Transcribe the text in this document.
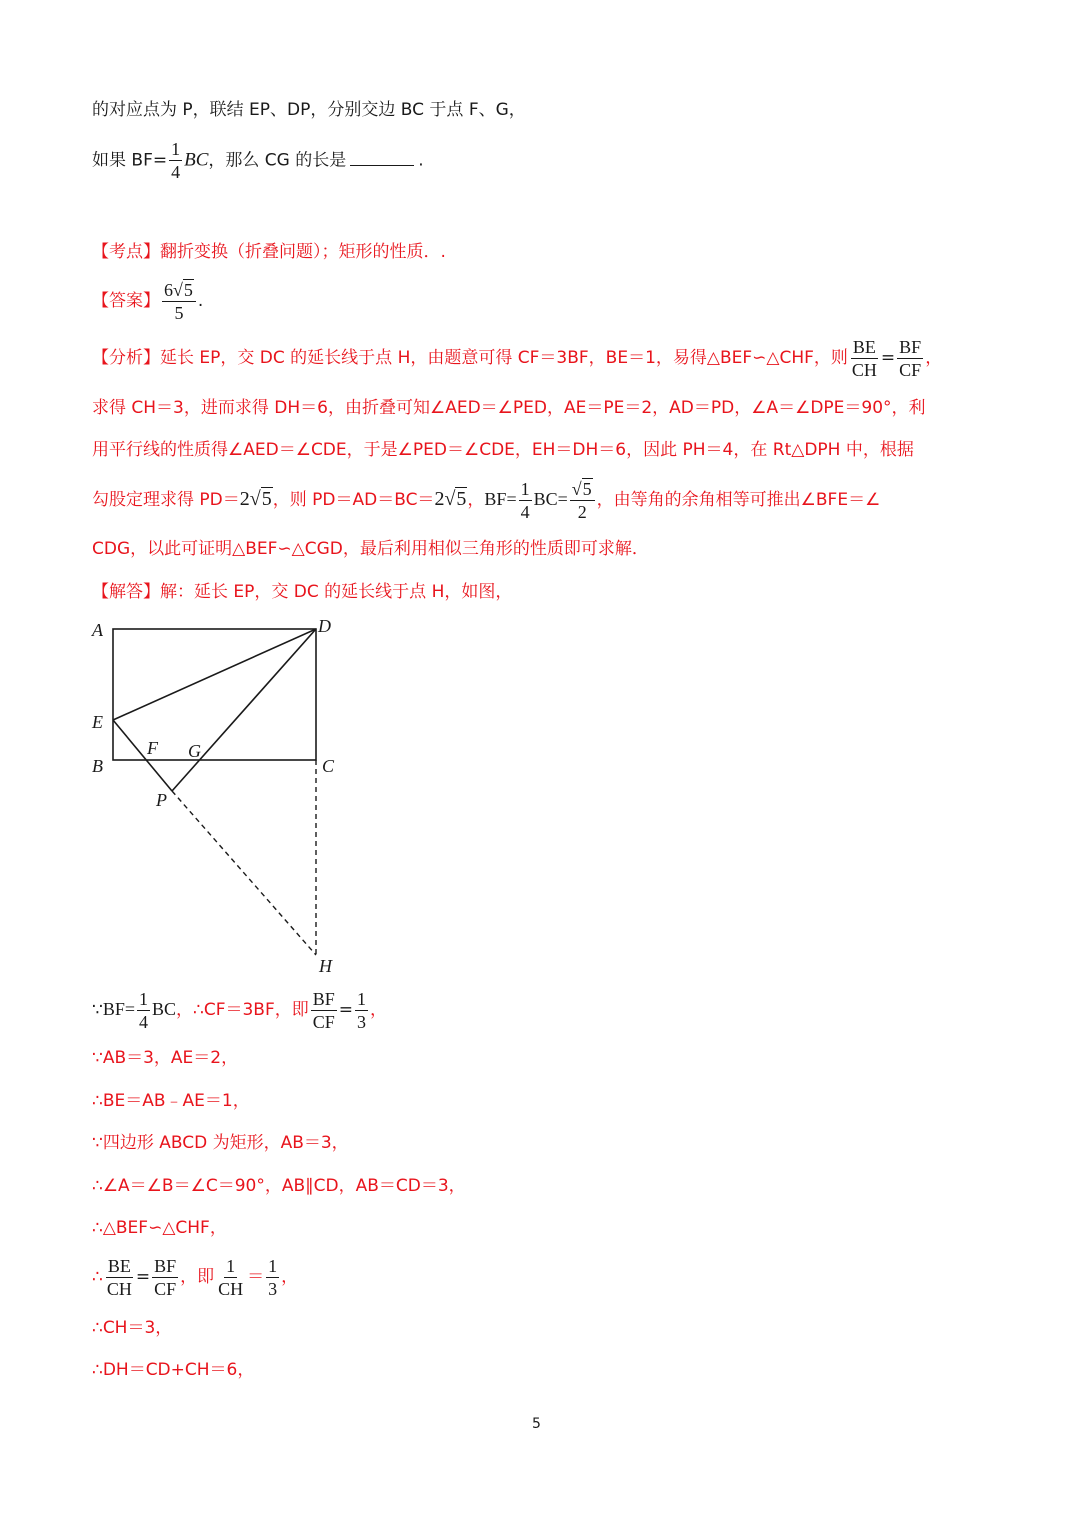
的对应点为 P，联结 EP、DP，分别交边 BC 于点 F、G，
如果 $BF= \frac{1}{4}$ BC，那么 CG 的长是	.
【考点】翻折变换（折叠问题）；矩形的性质．.
【答案】 $\frac{6√5}{5}$ .
【分析】延长 EP，交 DC 的延长线于点 H，由题意可得 CF＝3BF，BE＝1，易得△BEF∽△CHF，则 $\frac{BE}{CH} = \frac{BF}{CF}$ ，
求得 CH＝3，进而求得 DH＝6，由折叠可知∠AED＝∠PED，AE＝PE＝2，AD＝PD，∠A＝∠DPE＝90°，利
用平行线的性质得∠AED＝∠CDE，于是∠PED＝∠CDE，EH＝DH＝6，因此 PH＝4，在 Rt△DPH 中，根据
勾股定理求得 PD＝2√5，则 PD＝AD＝BC＝2√5，$BF= \frac{1}{4} BC= \frac{√5}{2}$ ，由等角的余角相等可推出∠BFE＝∠
CDG，以此可证明△BEF∽△CGD，最后利用相似三角形的性质即可求解．
【解答】解：延长 EP，交 DC 的延长线于点 H，如图，
A	D
E
F G
B	C
P
H
∵BF= $\frac{1}{4}$ BC，∴CF＝3BF，即 $\frac{BF}{CF} = \frac{1}{3}$ ，
∵AB＝3，AE＝2，
∴BE＝AB﹣AE＝1，
∵四边形 ABCD 为矩形，AB＝3，
∴∠A＝∠B＝∠C＝90°，AB∥CD，AB＝CD＝3，
∴△BEF∽△CHF，
∴ $\frac{BE}{CH} = \frac{BF}{CF}$ ，即 $\frac{1}{CH} = \frac{1}{3}$ ，
∴CH＝3，
∴DH＝CD+CH＝6，
5
